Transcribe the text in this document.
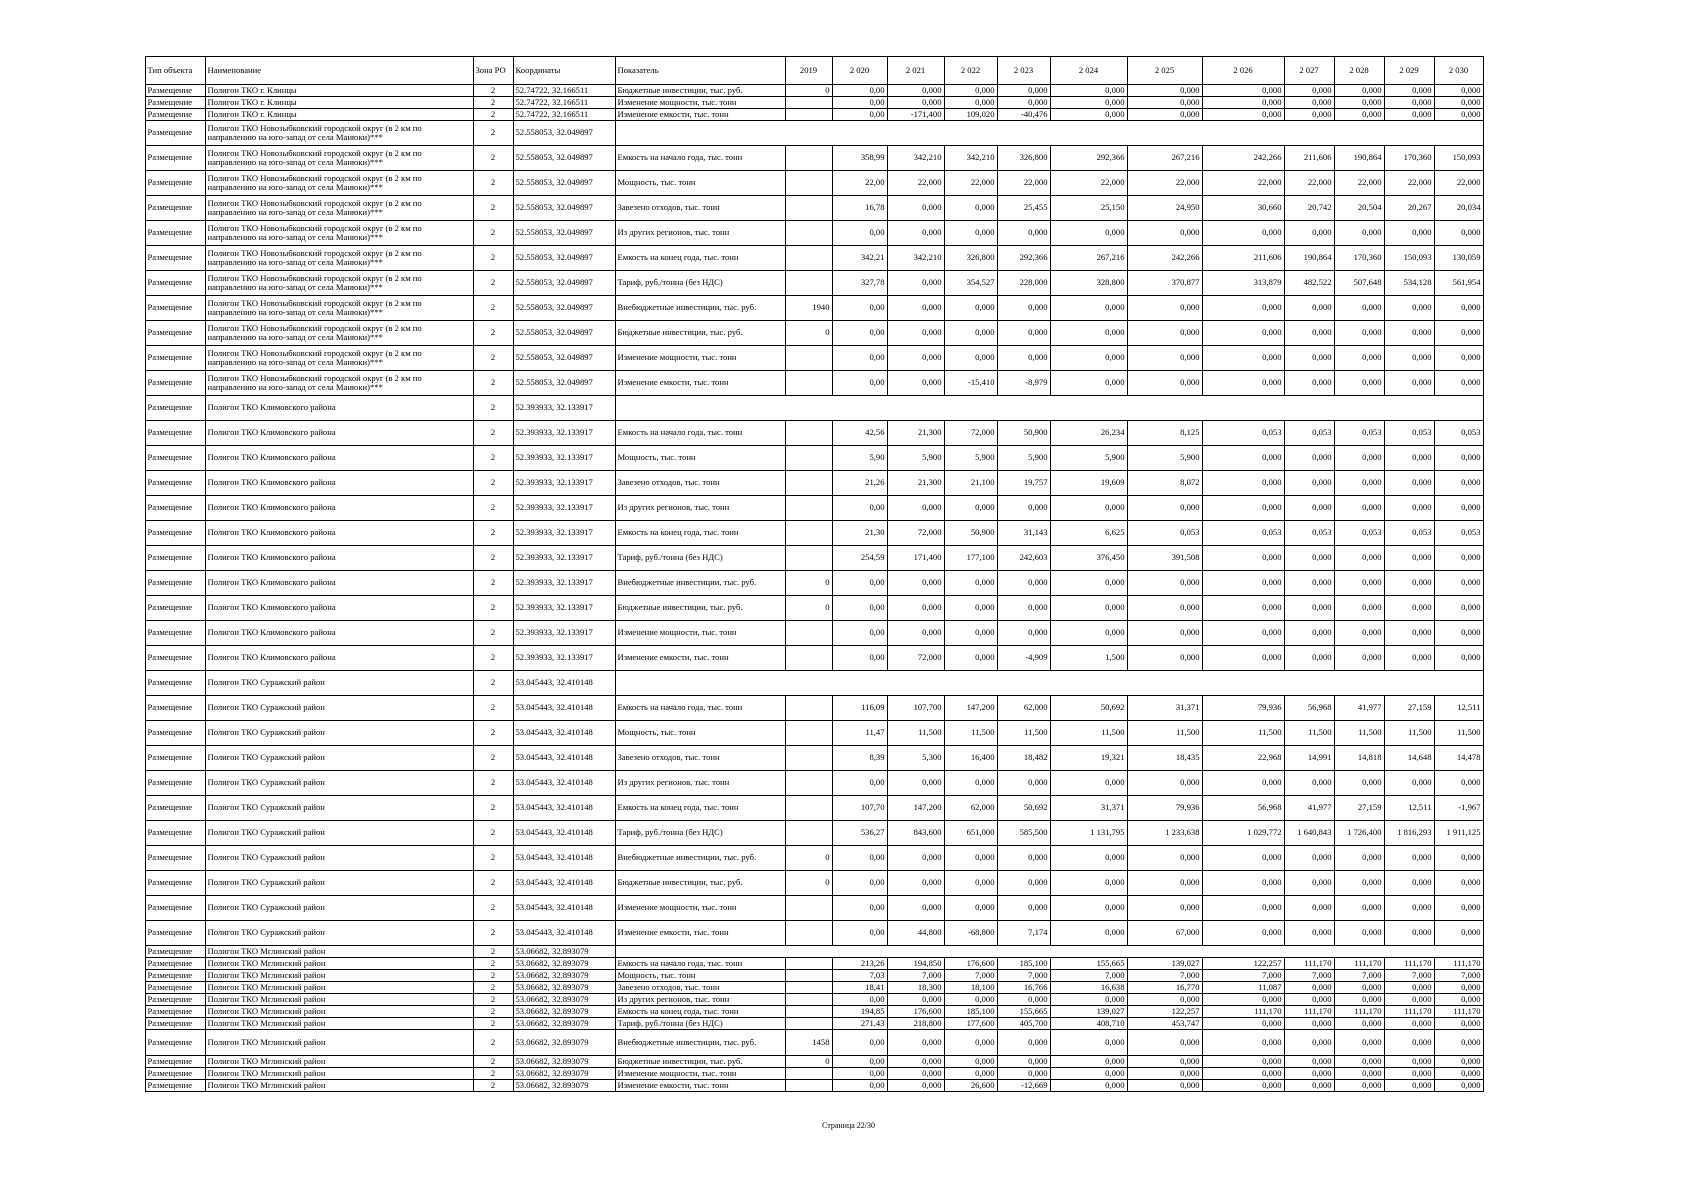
	Тип объекта	Наименование	Зона РО	Координаты	Показатель	2019	2 020	2 021	2 022	2 023	2 024	2 025	2 026	2 027	2 028	2 029	2 030
	Размещение	Полигон ТКО г. Клинцы	2	52.74722, 32.166511	Бюджетные инвестиции, тыс. руб.	0	0,00	0,000	0,000	0,000	0,000	0,000	0,000	0,000	0,000	0,000	0,000
	Размещение	Полигон ТКО г. Клинцы	2	52.74722, 32.166511	Изменение мощности, тыс. тонн		0,00	0,000	0,000	0,000	0,000	0,000	0,000	0,000	0,000	0,000	0,000
	Размещение	Полигон ТКО г. Клинцы	2	52.74722, 32.166511	Изменение емкости, тыс. тонн		0,00	-171,400	109,020	-40,476	0,000	0,000	0,000	0,000	0,000	0,000	0,000
	Размещение	Полигон ТКО Новозыбковский городской округ (в 2 км по направлению на юго-запад от села Манюки)***	2	52.558053, 32.049897													
	Размещение	Полигон ТКО Новозыбковский городской округ (в 2 км по направлению на юго-запад от села Манюки)***	2	52.558053, 32.049897	Емкость на начало года, тыс. тонн		358,99	342,210	342,210	326,800	292,366	267,216	242,266	211,606	190,864	170,360	150,093
	Размещение	Полигон ТКО Новозыбковский городской округ (в 2 км по направлению на юго-запад от села Манюки)***	2	52.558053, 32.049897	Мощность, тыс. тонн		22,00	22,000	22,000	22,000	22,000	22,000	22,000	22,000	22,000	22,000	22,000
	Размещение	Полигон ТКО Новозыбковский городской округ (в 2 км по направлению на юго-запад от села Манюки)***	2	52.558053, 32.049897	Завезено отходов, тыс. тонн		16,78	0,000	0,000	25,455	25,150	24,950	30,660	20,742	20,504	20,267	20,034
	Размещение	Полигон ТКО Новозыбковский городской округ (в 2 км по направлению на юго-запад от села Манюки)***	2	52.558053, 32.049897	Из других регионов, тыс. тонн		0,00	0,000	0,000	0,000	0,000	0,000	0,000	0,000	0,000	0,000	0,000
	Размещение	Полигон ТКО Новозыбковский городской округ (в 2 км по направлению на юго-запад от села Манюки)***	2	52.558053, 32.049897	Емкость на конец года, тыс. тонн		342,21	342,210	326,800	292,366	267,216	242,266	211,606	190,864	170,360	150,093	130,059
	Размещение	Полигон ТКО Новозыбковский городской округ (в 2 км по направлению на юго-запад от села Манюки)***	2	52.558053, 32.049897	Тариф, руб./тонна (без НДС)		327,78	0,000	354,527	228,000	328,800	370,877	313,879	482,522	507,648	534,128	561,954
	Размещение	Полигон ТКО Новозыбковский городской округ (в 2 км по направлению на юго-запад от села Манюки)***	2	52.558053, 32.049897	Внебюджетные инвестиции, тыс. руб.	1940	0,00	0,000	0,000	0,000	0,000	0,000	0,000	0,000	0,000	0,000	0,000
	Размещение	Полигон ТКО Новозыбковский городской округ (в 2 км по направлению на юго-запад от села Манюки)***	2	52.558053, 32.049897	Бюджетные инвестиции, тыс. руб.	0	0,00	0,000	0,000	0,000	0,000	0,000	0,000	0,000	0,000	0,000	0,000
	Размещение	Полигон ТКО Новозыбковский городской округ (в 2 км по направлению на юго-запад от села Манюки)***	2	52.558053, 32.049897	Изменение мощности, тыс. тонн		0,00	0,000	0,000	0,000	0,000	0,000	0,000	0,000	0,000	0,000	0,000
	Размещение	Полигон ТКО Новозыбковский городской округ (в 2 км по направлению на юго-запад от села Манюки)***	2	52.558053, 32.049897	Изменение емкости, тыс. тонн		0,00	0,000	-15,410	-8,979	0,000	0,000	0,000	0,000	0,000	0,000	0,000
	Размещение	Полигон ТКО Климовского района	2	52.393933, 32.133917													
	Размещение	Полигон ТКО Климовского района	2	52.393933, 32.133917	Емкость на начало года, тыс. тонн		42,56	21,300	72,000	50,900	26,234	8,125	0,053	0,053	0,053	0,053	0,053
	Размещение	Полигон ТКО Климовского района	2	52.393933, 32.133917	Мощность, тыс. тонн		5,90	5,900	5,900	5,900	5,900	5,900	0,000	0,000	0,000	0,000	0,000
	Размещение	Полигон ТКО Климовского района	2	52.393933, 32.133917	Завезено отходов, тыс. тонн		21,26	21,300	21,100	19,757	19,609	8,072	0,000	0,000	0,000	0,000	0,000
	Размещение	Полигон ТКО Климовского района	2	52.393933, 32.133917	Из других регионов, тыс. тонн		0,00	0,000	0,000	0,000	0,000	0,000	0,000	0,000	0,000	0,000	0,000
	Размещение	Полигон ТКО Климовского района	2	52.393933, 32.133917	Емкость на конец года, тыс. тонн		21,30	72,000	50,900	31,143	6,625	0,053	0,053	0,053	0,053	0,053	0,053
	Размещение	Полигон ТКО Климовского района	2	52.393933, 32.133917	Тариф, руб./тонна (без НДС)		254,59	171,400	177,100	242,603	376,450	391,508	0,000	0,000	0,000	0,000	0,000
	Размещение	Полигон ТКО Климовского района	2	52.393933, 32.133917	Внебюджетные инвестиции, тыс. руб.	0	0,00	0,000	0,000	0,000	0,000	0,000	0,000	0,000	0,000	0,000	0,000
	Размещение	Полигон ТКО Климовского района	2	52.393933, 32.133917	Бюджетные инвестиции, тыс. руб.	0	0,00	0,000	0,000	0,000	0,000	0,000	0,000	0,000	0,000	0,000	0,000
	Размещение	Полигон ТКО Климовского района	2	52.393933, 32.133917	Изменение мощности, тыс. тонн		0,00	0,000	0,000	0,000	0,000	0,000	0,000	0,000	0,000	0,000	0,000
	Размещение	Полигон ТКО Климовского района	2	52.393933, 32.133917	Изменение емкости, тыс. тонн		0,00	72,000	0,000	-4,909	1,500	0,000	0,000	0,000	0,000	0,000	0,000
	Размещение	Полигон ТКО Суражский район	2	53.045443, 32.410148													
	Размещение	Полигон ТКО Суражский район	2	53.045443, 32.410148	Емкость на начало года, тыс. тонн		116,09	107,700	147,200	62,000	50,692	31,371	79,936	56,968	41,977	27,159	12,511
	Размещение	Полигон ТКО Суражский район	2	53.045443, 32.410148	Мощность, тыс. тонн		11,47	11,500	11,500	11,500	11,500	11,500	11,500	11,500	11,500	11,500	11,500
	Размещение	Полигон ТКО Суражский район	2	53.045443, 32.410148	Завезено отходов, тыс. тонн		8,39	5,300	16,400	18,482	19,321	18,435	22,968	14,991	14,818	14,648	14,478
	Размещение	Полигон ТКО Суражский район	2	53.045443, 32.410148	Из других регионов, тыс. тонн		0,00	0,000	0,000	0,000	0,000	0,000	0,000	0,000	0,000	0,000	0,000
	Размещение	Полигон ТКО Суражский район	2	53.045443, 32.410148	Емкость на конец года, тыс. тонн		107,70	147,200	62,000	50,692	31,371	79,936	56,968	41,977	27,159	12,511	-1,967
	Размещение	Полигон ТКО Суражский район	2	53.045443, 32.410148	Тариф, руб./тонна (без НДС)		536,27	843,600	651,000	585,500	1 131,795	1 233,638	1 029,772	1 640,843	1 726,400	1 816,293	1 911,125
	Размещение	Полигон ТКО Суражский район	2	53.045443, 32.410148	Внебюджетные инвестиции, тыс. руб.	0	0,00	0,000	0,000	0,000	0,000	0,000	0,000	0,000	0,000	0,000	0,000
	Размещение	Полигон ТКО Суражский район	2	53.045443, 32.410148	Бюджетные инвестиции, тыс. руб.	0	0,00	0,000	0,000	0,000	0,000	0,000	0,000	0,000	0,000	0,000	0,000
	Размещение	Полигон ТКО Суражский район	2	53.045443, 32.410148	Изменение мощности, тыс. тонн		0,00	0,000	0,000	0,000	0,000	0,000	0,000	0,000	0,000	0,000	0,000
	Размещение	Полигон ТКО Суражский район	2	53.045443, 32.410148	Изменение емкости, тыс. тонн		0,00	44,800	-68,800	7,174	0,000	67,000	0,000	0,000	0,000	0,000	0,000
	Размещение	Полигон ТКО Мглинский район	2	53.06682, 32.893079													
	Размещение	Полигон ТКО Мглинский район	2	53.06682, 32.893079	Емкость на начало года, тыс. тонн		213,26	194,850	176,600	185,100	155,665	139,027	122,257	111,170	111,170	111,170	111,170
	Размещение	Полигон ТКО Мглинский район	2	53.06682, 32.893079	Мощность, тыс. тонн		7,03	7,000	7,000	7,000	7,000	7,000	7,000	7,000	7,000	7,000	7,000
	Размещение	Полигон ТКО Мглинский район	2	53.06682, 32.893079	Завезено отходов, тыс. тонн		18,41	18,300	18,100	16,766	16,638	16,770	11,087	0,000	0,000	0,000	0,000
	Размещение	Полигон ТКО Мглинский район	2	53.06682, 32.893079	Из других регионов, тыс. тонн		0,00	0,000	0,000	0,000	0,000	0,000	0,000	0,000	0,000	0,000	0,000
	Размещение	Полигон ТКО Мглинский район	2	53.06682, 32.893079	Емкость на конец года, тыс. тонн		194,85	176,600	185,100	155,665	139,027	122,257	111,170	111,170	111,170	111,170	111,170
	Размещение	Полигон ТКО Мглинский район	2	53.06682, 32.893079	Тариф, руб./тонна (без НДС)		271,43	218,800	177,600	405,700	408,710	453,747	0,000	0,000	0,000	0,000	0,000
	Размещение	Полигон ТКО Мглинский район	2	53.06682, 32.893079	Внебюджетные инвестиции, тыс. руб.	1458	0,00	0,000	0,000	0,000	0,000	0,000	0,000	0,000	0,000	0,000	0,000
	Размещение	Полигон ТКО Мглинский район	2	53.06682, 32.893079	Бюджетные инвестиции, тыс. руб.	0	0,00	0,000	0,000	0,000	0,000	0,000	0,000	0,000	0,000	0,000	0,000
	Размещение	Полигон ТКО Мглинский район	2	53.06682, 32.893079	Изменение мощности, тыс. тонн		0,00	0,000	0,000	0,000	0,000	0,000	0,000	0,000	0,000	0,000	0,000
	Размещение	Полигон ТКО Мглинский район	2	53.06682, 32.893079	Изменение емкости, тыс. тонн		0,00	0,000	26,600	-12,669	0,000	0,000	0,000	0,000	0,000	0,000	0,000
Страница 22/30
